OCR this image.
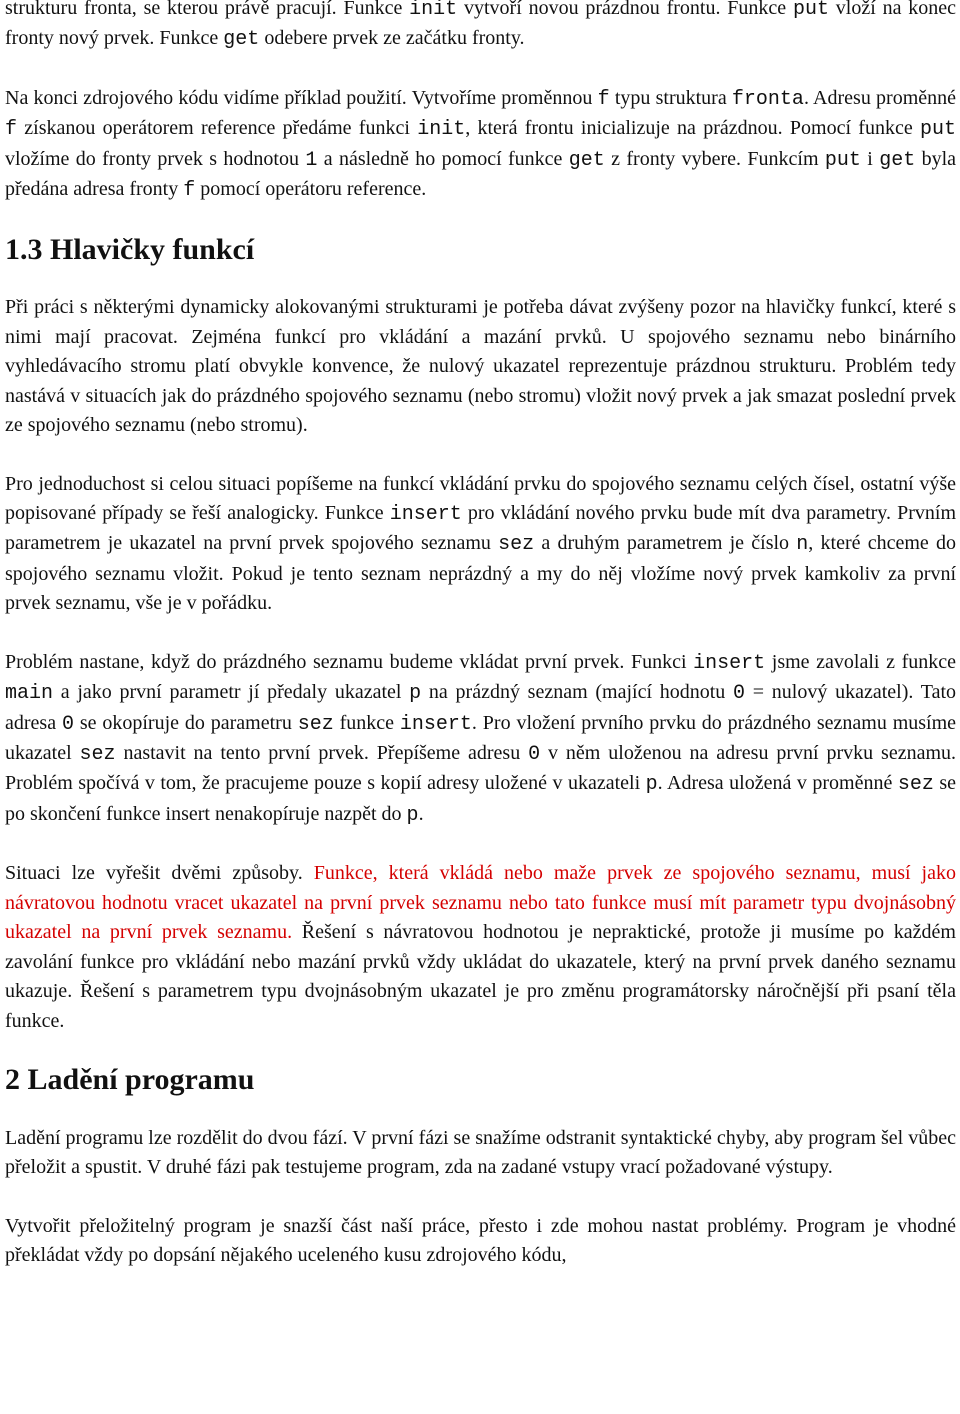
strukturu fronta, se kterou právě pracují. Funkce init vytvoří novou prázdnou frontu. Funkce put vloží na konec fronty nový prvek. Funkce get odebere prvek ze začátku fronty.

Na konci zdrojového kódu vidíme příklad použití. Vytvoříme proměnnou f typu struktura fronta. Adresu proměnné f získanou operátorem reference předáme funkci init, která frontu inicializuje na prázdnou. Pomocí funkce put vložíme do fronty prvek s hodnotou 1 a následně ho pomocí funkce get z fronty vybere. Funkcím put i get byla předána adresa fronty f pomocí operátoru reference.

1.3 Hlavičky funkcí

Při práci s některými dynamicky alokovanými strukturami je potřeba dávat zvýšeny pozor na hlavičky funkcí, které s nimi mají pracovat. Zejména funkcí pro vkládání a mazání prvků. U spojového seznamu nebo binárního vyhledávacího stromu platí obvykle konvence, že nulový ukazatel reprezentuje prázdnou strukturu. Problém tedy nastává v situacích jak do prázdného spojového seznamu (nebo stromu) vložit nový prvek a jak smazat poslední prvek ze spojového seznamu (nebo stromu).

Pro jednoduchost si celou situaci popíšeme na funkcí vkládání prvku do spojového seznamu celých čísel, ostatní výše popisované případy se řeší analogicky. Funkce insert pro vkládání nového prvku bude mít dva parametry. Prvním parametrem je ukazatel na první prvek spojového seznamu sez a druhým parametrem je číslo n, které chceme do spojového seznamu vložit. Pokud je tento seznam neprázdný a my do něj vložíme nový prvek kamkoliv za první prvek seznamu, vše je v pořádku.

Problém nastane, když do prázdného seznamu budeme vkládat první prvek. Funkci insert jsme zavolali z funkce main a jako první parametr jí předaly ukazatel p na prázdný seznam (mající hodnotu 0 = nulový ukazatel). Tato adresa 0 se okopíruje do parametru sez funkce insert. Pro vložení prvního prvku do prázdného seznamu musíme ukazatel sez nastavit na tento první prvek. Přepíšeme adresu 0 v něm uloženou na adresu první prvku seznamu. Problém spočívá v tom, že pracujeme pouze s kopií adresy uložené v ukazateli p. Adresa uložená v proměnné sez se po skončení funkce insert nenakopíruje nazpět do p.

Situaci lze vyřešit dvěmi způsoby. Funkce, která vkládá nebo maže prvek ze spojového seznamu, musí jako návratovou hodnotu vracet ukazatel na první prvek seznamu nebo tato funkce musí mít parametr typu dvojnásobný ukazatel na první prvek seznamu. Řešení s návratovou hodnotou je nepraktické, protože ji musíme po každém zavolání funkce pro vkládání nebo mazání prvků vždy ukládat do ukazatele, který na první prvek daného seznamu ukazuje. Řešení s parametrem typu dvojnásobným ukazatel je pro změnu programátorsky náročnější při psaní těla funkce.

2 Ladění programu

Ladění programu lze rozdělit do dvou fází. V první fázi se snažíme odstranit syntaktické chyby, aby program šel vůbec přeložit a spustit. V druhé fázi pak testujeme program, zda na zadané vstupy vrací požadované výstupy.

Vytvořit přeložitelný program je snazší část naší práce, přesto i zde mohou nastat problémy. Program je vhodné překládat vždy po dopsání nějakého uceleného kusu zdrojového kódu,
